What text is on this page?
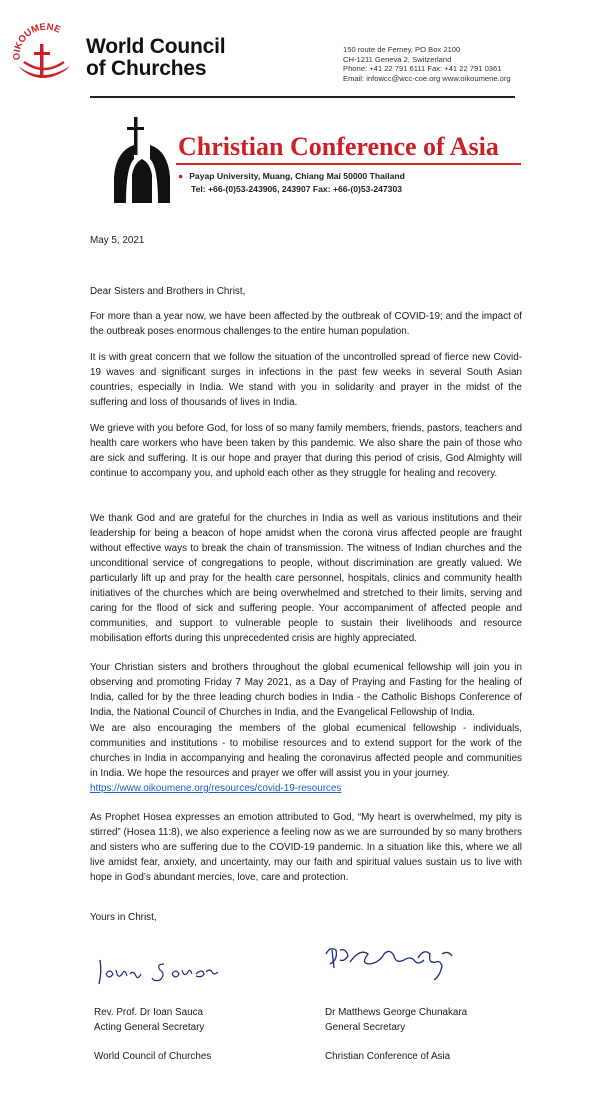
OIKOUMENE
World Council
of Churches
150 route de Ferney, PO Box 2100
CH-1211 Geneva 2, Switzerland
Phone: +41 22 791 6111 Fax: +41 22 791 0361
Email: infowcc@wcc-coe.org www.oikoumene.org
Christian Conference of Asia
● Payap University, Muang, Chiang Mai 50000 Thailand
Tel: +66-(0)53-243906, 243907 Fax: +66-(0)53-247303
May 5, 2021
Dear Sisters and Brothers in Christ,

For more than a year now, we have been affected by the outbreak of COVID-19; and the impact of the outbreak poses enormous challenges to the entire human population.

It is with great concern that we follow the situation of the uncontrolled spread of fierce new Covid-19 waves and significant surges in infections in the past few weeks in several South Asian countries, especially in India. We stand with you in solidarity and prayer in the midst of the suffering and loss of thousands of lives in India.

We grieve with you before God, for loss of so many family members, friends, pastors, teachers and health care workers who have been taken by this pandemic. We also share the pain of those who are sick and suffering. It is our hope and prayer that during this period of crisis, God Almighty will continue to accompany you, and uphold each other as they struggle for healing and recovery.

We thank God and are grateful for the churches in India as well as various institutions and their leadership for being a beacon of hope amidst when the corona virus affected people are fraught without effective ways to break the chain of transmission. The witness of Indian churches and the unconditional service of congregations to people, without discrimination are greatly valued. We particularly lift up and pray for the health care personnel, hospitals, clinics and community health initiatives of the churches which are being overwhelmed and stretched to their limits, serving and caring for the flood of sick and suffering people. Your accompaniment of affected people and communities, and support to vulnerable people to sustain their livelihoods and resource mobilisation efforts during this unprecedented crisis are highly appreciated.

Your Christian sisters and brothers throughout the global ecumenical fellowship will join you in observing and promoting Friday 7 May 2021, as a Day of Praying and Fasting for the healing of India, called for by the three leading church bodies in India - the Catholic Bishops Conference of India, the National Council of Churches in India, and the Evangelical Fellowship of India.

We are also encouraging the members of the global ecumenical fellowship - individuals, communities and institutions - to mobilise resources and to extend support for the work of the churches in India in accompanying and healing the coronavirus affected people and communities in India. We hope the resources and prayer we offer will assist you in your journey.

https://www.oikoumene.org/resources/covid-19-resources

As Prophet Hosea expresses an emotion attributed to God, “My heart is overwhelmed, my pity is stirred” (Hosea 11:8), we also experience a feeling now as we are surrounded by so many brothers and sisters who are suffering due to the COVID-19 pandemic. In a situation like this, where we all live amidst fear, anxiety, and uncertainty, may our faith and spiritual values sustain us to live with hope in God’s abundant mercies, love, care and protection.

Yours in Christ,
Rev. Prof. Dr Ioan Sauca
Acting General Secretary
World Council of Churches
Dr Matthews George Chunakara
General Secretary
Christian Conference of Asia
